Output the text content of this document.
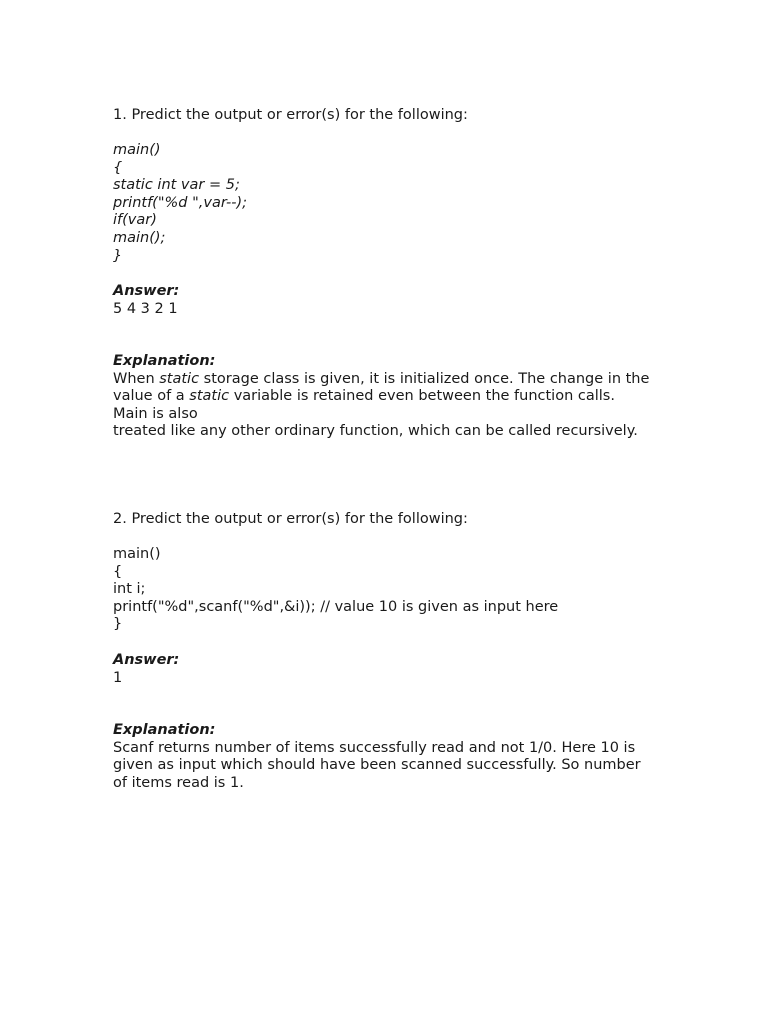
1. Predict the output or error(s) for the following:
main()
{
static int var = 5;
printf("%d ",var--);
if(var)
main();
}
Answer:
5 4 3 2 1
Explanation:
When static storage class is given, it is initialized once. The change in the value of a static variable is retained even between the function calls. Main is also
treated like any other ordinary function, which can be called recursively.
2. Predict the output or error(s) for the following:
main()
{
int i;
printf("%d",scanf("%d",&i)); // value 10 is given as input here
}
Answer:
1
Explanation:
Scanf returns number of items successfully read and not 1/0. Here 10 is given as input which should have been scanned successfully. So number of items read is 1.
